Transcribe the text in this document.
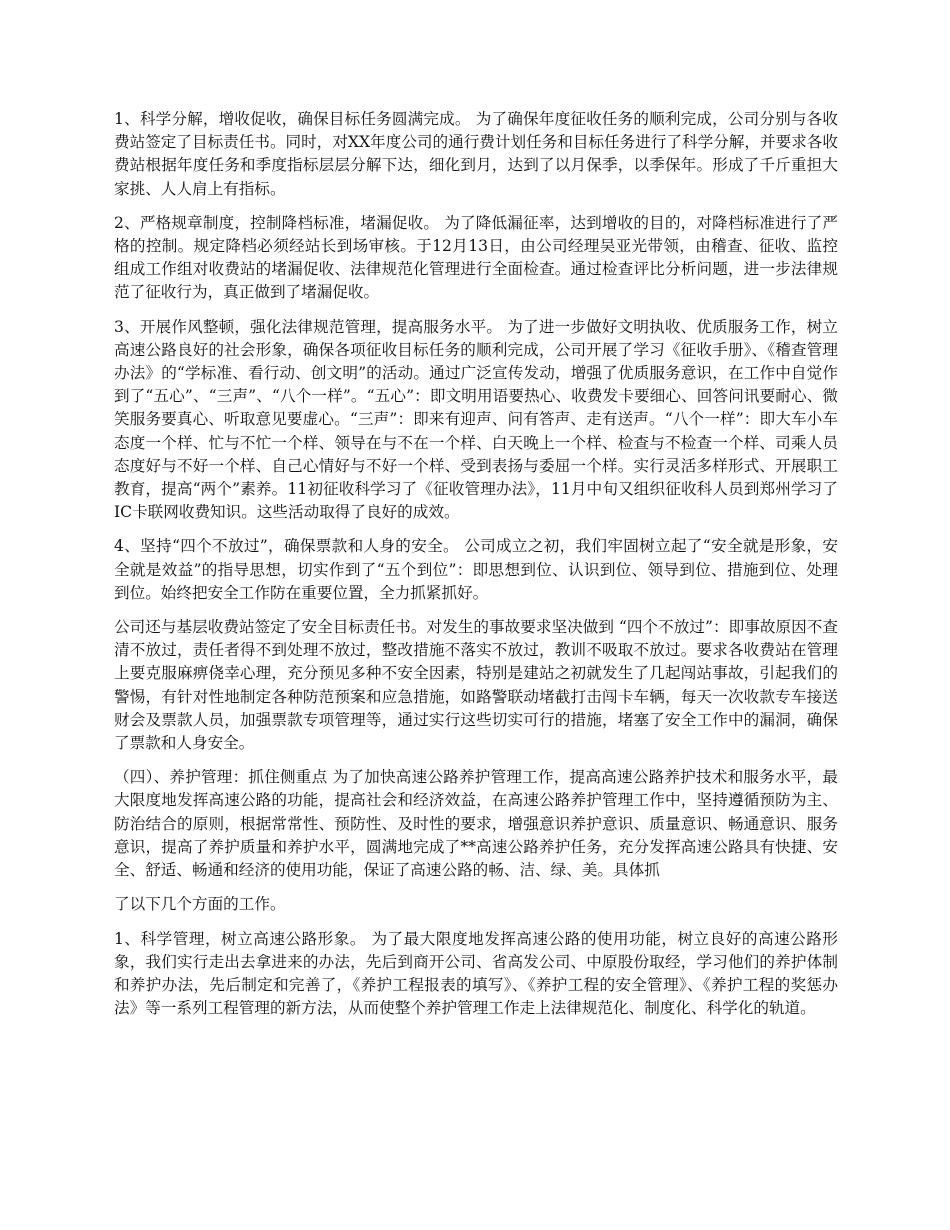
1、科学分解，增收促收，确保目标任务圆满完成。 为了确保年度征收任务的顺利完成，公司分别与各收费站签定了目标责任书。同时，对XX年度公司的通行费计划任务和目标任务进行了科学分解，并要求各收费站根据年度任务和季度指标层层分解下达，细化到月，达到了以月保季，以季保年。形成了千斤重担大家挑、人人肩上有指标。

2、严格规章制度，控制降档标准，堵漏促收。 为了降低漏征率，达到增收的目的，对降档标准进行了严格的控制。规定降档必须经站长到场审核。于12月13日，由公司经理吴亚光带领，由稽查、征收、监控组成工作组对收费站的堵漏促收、法律规范化管理进行全面检查。通过检查评比分析问题，进一步法律规范了征收行为，真正做到了堵漏促收。

3、开展作风整顿，强化法律规范管理，提高服务水平。 为了进一步做好文明执收、优质服务工作，树立高速公路良好的社会形象，确保各项征收目标任务的顺利完成，公司开展了学习《征收手册》、《稽查管理办法》的“学标准、看行动、创文明”的活动。通过广泛宣传发动，增强了优质服务意识，在工作中自觉作到了“五心”、“三声”、“八个一样”。“五心”：即文明用语要热心、收费发卡要细心、回答问讯要耐心、微笑服务要真心、听取意见要虚心。“三声”：即来有迎声、问有答声、走有送声。“八个一样”：即大车小车态度一个样、忙与不忙一个样、领导在与不在一个样、白天晚上一个样、检查与不检查一个样、司乘人员态度好与不好一个样、自己心情好与不好一个样、受到表扬与委屈一个样。实行灵活多样形式、开展职工教育，提高“两个”素养。11初征收科学习了《征收管理办法》，11月中旬又组织征收科人员到郑州学习了IC卡联网收费知识。这些活动取得了良好的成效。

4、坚持“四个不放过”，确保票款和人身的安全。 公司成立之初，我们牢固树立起了“安全就是形象，安全就是效益”的指导思想，切实作到了“五个到位”：即思想到位、认识到位、领导到位、措施到位、处理到位。始终把安全工作防在重要位置，全力抓紧抓好。

公司还与基层收费站签定了安全目标责任书。对发生的事故要求坚决做到 “四个不放过”：即事故原因不查清不放过，责任者得不到处理不放过，整改措施不落实不放过，教训不吸取不放过。要求各收费站在管理上要克服麻痹侥幸心理，充分预见多种不安全因素，特别是建站之初就发生了几起闯站事故，引起我们的警惕，有针对性地制定各种防范预案和应急措施，如路警联动堵截打击闯卡车辆，每天一次收款专车接送财会及票款人员，加强票款专项管理等，通过实行这些切实可行的措施，堵塞了安全工作中的漏洞，确保了票款和人身安全。

（四）、养护管理：抓住侧重点 为了加快高速公路养护管理工作，提高高速公路养护技术和服务水平，最大限度地发挥高速公路的功能，提高社会和经济效益，在高速公路养护管理工作中，坚持遵循预防为主、防治结合的原则，根据常常性、预防性、及时性的要求，增强意识养护意识、质量意识、畅通意识、服务意识，提高了养护质量和养护水平，圆满地完成了**高速公路养护任务，充分发挥高速公路具有快捷、安全、舒适、畅通和经济的使用功能，保证了高速公路的畅、洁、绿、美。具体抓

了以下几个方面的工作。

1、科学管理，树立高速公路形象。 为了最大限度地发挥高速公路的使用功能，树立良好的高速公路形象，我们实行走出去拿进来的办法，先后到商开公司、省高发公司、中原股份取经，学习他们的养护体制和养护办法，先后制定和完善了，《养护工程报表的填写》、《养护工程的安全管理》、《养护工程的奖惩办法》等一系列工程管理的新方法，从而使整个养护管理工作走上法律规范化、制度化、科学化的轨道。
